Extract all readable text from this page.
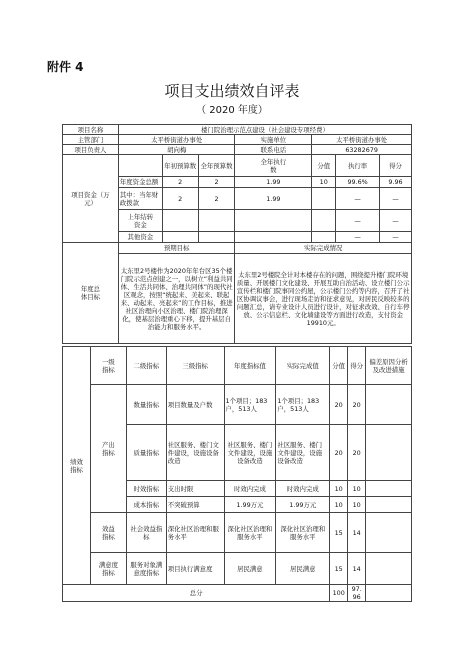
附件 4
项目支出绩效自评表
（ 2020 年度）
项目名称	楼门院治理示范点建设（社会建设专项经费）						
主管部门	太平桥街道办事处			实施单位	太平桥街道办事处		
项目负责人	胡向梅			联系电话	63282679		
项目资金（万元）		年初预算数	全年预算数	全年执行数	分值	执行率	得分
	年度资金总额	2	2	1.99	10	99.6%	9.96
	其中：当年财政拨款	2	2	1.99		—	—
	上年结转资金					—	—
	其他资金					—	—
年度总体目标	预期目标			实际完成情况			
	太东里2号楼作为2020年年台区35个楼门院示范点创建之一，以树立“利益共同体、生活共同体、治理共同体”的现代社区观念，按照“统起来、美起来、联起来、动起来、亮起来”的工作目标，推进社区治理向小区治理、楼门院治理深化，使基层治理重心下移，提升基层自治能力和服务水平。			太东里2号楼院全计对本楼存在的问题，围绕提升楼门院环境质量、开展楼门文化建设、开展互助自治活动、设立楼门公示宣传栏和楼门院事同公约屋，公示楼门公约等内容，召开了社区协调议事会，进行现场走访和征求意见，对居民反映较多的问题汇总，请专业设计人员进行设计，对征求改效、自行车停放、公示信息栏、文化墙建设等方面进行改造，支付资金19910元。			
绩效指标	一级指标	二级指标	三级指标	年度指标值	实际完成值	分值	得分	偏差原因分析及改进措施
	产出指标	数量指标	项目数量及户数	1个项目；183户，513人	1个项目；183户，513人	20	20	
		质量指标	社区服务、楼门文件建设，设施设备改造	社区服务、楼门文件建设，设施设备改造	社区服务、楼门文件建设，设施设备改造	20	20	
		时效指标	支出时限	时效内完成	时效内完成	10	10	
		成本指标	不突破预算	1.99万元	1.99万元	10	10	
	效益指标	社会效益指标	深化社区治理和服务水平	深化社区治理和服务水平	深化社区治理和服务水平	15	14	
	满意度指标	服务对象满意度指标	项目执行满意度	居民满意	居民满意	15	14	
总分						100	97.96	
